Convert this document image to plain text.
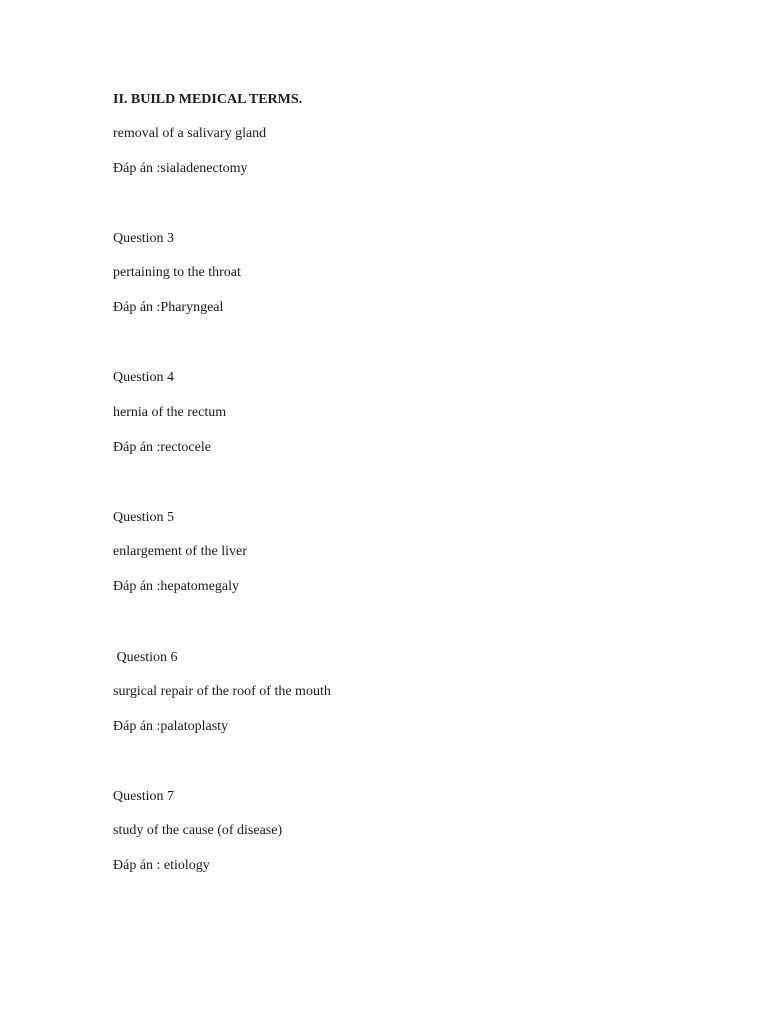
II. BUILD MEDICAL TERMS.
removal of a salivary gland
Đáp án :sialadenectomy
Question 3
pertaining to the throat
Đáp án :Pharyngeal
Question 4
hernia of the rectum
Đáp án :rectocele
Question 5
enlargement of the liver
Đáp án :hepatomegaly
Question 6
surgical repair of the roof of the mouth
Đáp án :palatoplasty
Question 7
study of the cause (of disease)
Đáp án : etiology
